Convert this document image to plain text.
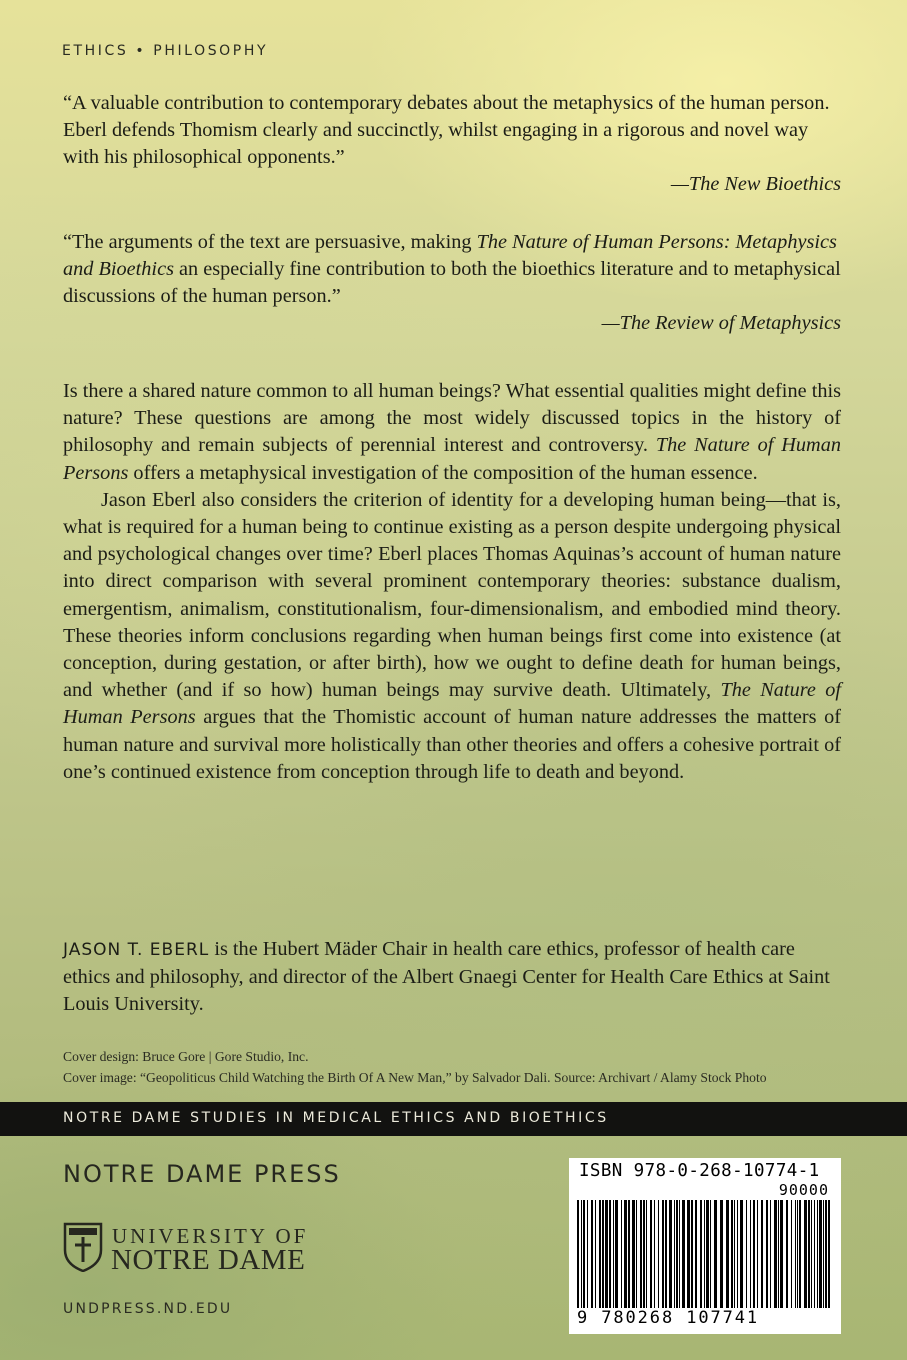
ETHICS • PHILOSOPHY

“A valuable contribution to contemporary debates about the metaphysics of the human person. Eberl defends Thomism clearly and succinctly, whilst engaging in a rigorous and novel way with his philosophical opponents.”

—The New Bioethics

“The arguments of the text are persuasive, making The Nature of Human Persons: Metaphysics and Bioethics an especially fine contribution to both the bioethics literature and to metaphysical discussions of the human person.”

—The Review of Metaphysics

Is there a shared nature common to all human beings? What essential qualities might define this nature? These questions are among the most widely discussed topics in the history of philosophy and remain subjects of perennial interest and controversy. The Nature of Human Persons offers a metaphysical investigation of the composition of the human essence.

Jason Eberl also considers the criterion of identity for a developing human being—that is, what is required for a human being to continue existing as a person despite undergoing physical and psychological changes over time? Eberl places Thomas Aquinas’s account of human nature into direct comparison with several prominent contemporary theories: substance dualism, emergentism, animalism, constitutionalism, four-dimensionalism, and embodied mind theory. These theories inform conclusions regarding when human beings first come into existence (at conception, during gestation, or after birth), how we ought to define death for human beings, and whether (and if so how) human beings may survive death. Ultimately, The Nature of Human Persons argues that the Thomistic account of human nature addresses the matters of human nature and survival more holistically than other theories and offers a cohesive portrait of one’s continued existence from conception through life to death and beyond.

JASON T. EBERL is the Hubert Mäder Chair in health care ethics, professor of health care ethics and philosophy, and director of the Albert Gnaegi Center for Health Care Ethics at Saint Louis University.
Cover design: Bruce Gore | Gore Studio, Inc.
Cover image: “Geopoliticus Child Watching the Birth Of A New Man,” by Salvador Dali. Source: Archivart / Alamy Stock Photo
NOTRE DAME STUDIES IN MEDICAL ETHICS AND BIOETHICS
NOTRE DAME PRESS
UNIVERSITY OF
NOTRE DAME
UNDPRESS.ND.EDU
ISBN 978-0-268-10774-1
90000
9 780268 107741
